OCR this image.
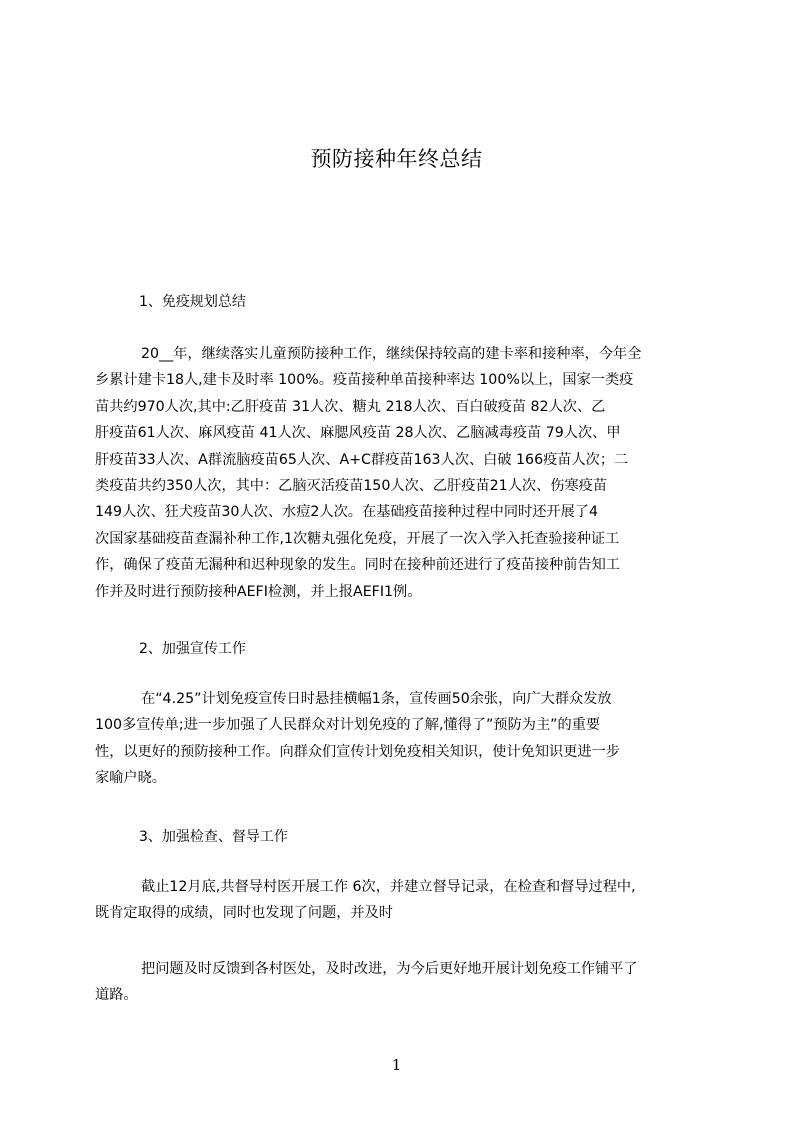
预防接种年终总结
1、免疫规划总结
20__年，继续落实儿童预防接种工作，继续保持较高的建卡率和接种率，今年全
乡累计建卡18人,建卡及时率 100%。疫苗接种单苗接种率达 100%以上，国家一类疫
苗共约970人次,其中:乙肝疫苗 31人次、糖丸 218人次、百白破疫苗 82人次、乙
肝疫苗61人次、麻风疫苗 41人次、麻腮风疫苗 28人次、乙脑减毒疫苗 79人次、甲
肝疫苗33人次、A群流脑疫苗65人次、A+C群疫苗163人次、白破 166疫苗人次；二
类疫苗共约350人次，其中：乙脑灭活疫苗150人次、乙肝疫苗21人次、伤寒疫苗
149人次、狂犬疫苗30人次、水痘2人次。在基础疫苗接种过程中同时还开展了4
次国家基础疫苗查漏补种工作,1次糖丸强化免疫，开展了一次入学入托查验接种证工
作，确保了疫苗无漏种和迟种现象的发生。同时在接种前还进行了疫苗接种前告知工
作并及时进行预防接种AEFI检测，并上报AEFI1例。
2、加强宣传工作
在“4.25”计划免疫宣传日时悬挂横幅1条，宣传画50余张，向广大群众发放
100多宣传单;进一步加强了人民群众对计划免疫的了解,懂得了”预防为主”的重要
性，以更好的预防接种工作。向群众们宣传计划免疫相关知识，使计免知识更进一步
家喻户晓。
3、加强检查、督导工作
截止12月底,共督导村医开展工作 6次，并建立督导记录，在检查和督导过程中,
既肯定取得的成绩，同时也发现了问题，并及时
把问题及时反馈到各村医处，及时改进，为今后更好地开展计划免疫工作铺平了
道路。
1
